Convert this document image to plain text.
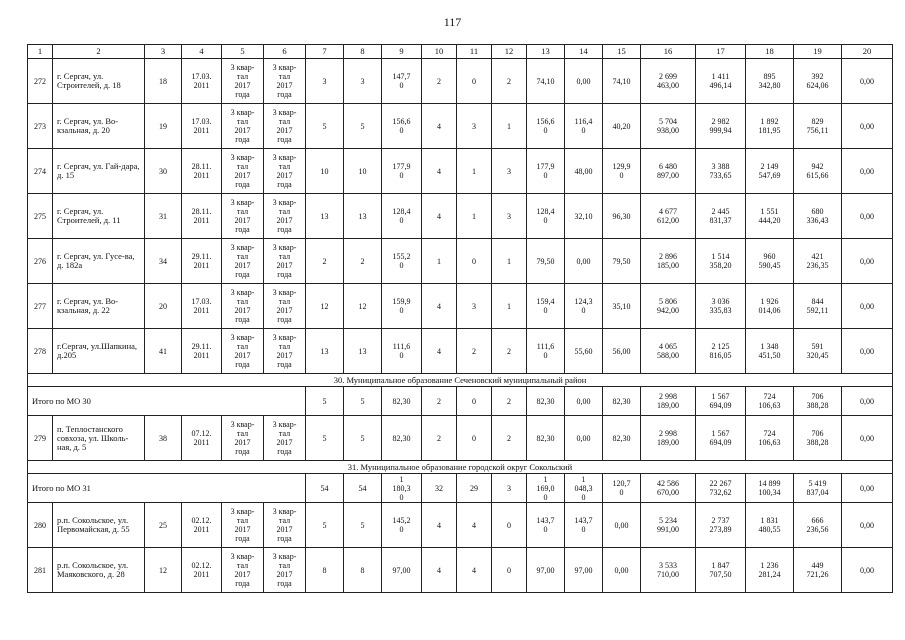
117
1	2	3	4	5	6	7	8	9	10	11	12	13	14	15	16	17	18	19	20
272	г. Сергач, ул. Строителей, д. 18	18	17.03.
2011	3 квар-
тал
2017
года	3 квар-
тал
2017
года	3	3	147,7
0	2	0	2	74,10	0,00	74,10	2 699
463,00	1 411
496,14	895
342,80	392
624,06	0,00
273	г. Сергач, ул. Во-кзальная, д. 20	19	17.03.
2011	3 квар-
тал
2017
года	3 квар-
тал
2017
года	5	5	156,6
0	4	3	1	156,6
0	116,4
0	40,20	5 704
938,00	2 982
999,94	1 892
181,95	829
756,11	0,00
274	г. Сергач, ул. Гай-дара, д. 15	30	28.11.
2011	3 квар-
тал
2017
года	3 квар-
тал
2017
года	10	10	177,9
0	4	1	3	177,9
0	48,00	129,9
0	6 480
897,00	3 388
733,65	2 149
547,69	942
615,66	0,00
275	г. Сергач, ул. Строителей, д. 11	31	28.11.
2011	3 квар-
тал
2017
года	3 квар-
тал
2017
года	13	13	128,4
0	4	1	3	128,4
0	32,10	96,30	4 677
612,00	2 445
831,37	1 551
444,20	680
336,43	0,00
276	г. Сергач, ул. Гусе-ва, д. 182а	34	29.11.
2011	3 квар-
тал
2017
года	3 квар-
тал
2017
года	2	2	155,2
0	1	0	1	79,50	0,00	79,50	2 896
185,00	1 514
358,20	960
590,45	421
236,35	0,00
277	г. Сергач, ул. Во-кзальная, д. 22	20	17.03.
2011	3 квар-
тал
2017
года	3 квар-
тал
2017
года	12	12	159,9
0	4	3	1	159,4
0	124,3
0	35,10	5 806
942,00	3 036
335,83	1 926
014,06	844
592,11	0,00
278	г.Сергач, ул.Шапкина, д.205	41	29.11.
2011	3 квар-
тал
2017
года	3 квар-
тал
2017
года	13	13	111,6
0	4	2	2	111,6
0	55,60	56,00	4 065
588,00	2 125
816,05	1 348
451,50	591
320,45	0,00
30. Муниципальное образование Сеченовский муниципальный район																			
Итого по МО 30						5	5	82,30	2	0	2	82,30	0,00	82,30	2 998
189,00	1 567
694,09	724
106,63	706
388,28	0,00
279	п. Теплостанского совхоза, ул. Школь-ная, д. 5	38	07.12.
2011	3 квар-
тал
2017
года	3 квар-
тал
2017
года	5	5	82,30	2	0	2	82,30	0,00	82,30	2 998
189,00	1 567
694,09	724
106,63	706
388,28	0,00
31. Муниципальное образование городской округ Сокольский																			
Итого по МО 31						54	54	1
180,3
0	32	29	3	1
169,0
0	1
048,3
0	120,7
0	42 586
670,00	22 267
732,62	14 899
100,34	5 419
837,04	0,00
280	р.п. Сокольское, ул. Первомайская, д. 55	25	02.12.
2011	3 квар-
тал
2017
года	3 квар-
тал
2017
года	5	5	145,2
0	4	4	0	143,7
0	143,7
0	0,00	5 234
991,00	2 737
273,89	1 831
480,55	666
236,56	0,00
281	р.п. Сокольское, ул. Маяковского, д. 28	12	02.12.
2011	3 квар-
тал
2017
года	3 квар-
тал
2017
года	8	8	97,00	4	4	0	97,00	97,00	0,00	3 533
710,00	1 847
707,50	1 236
281,24	449
721,26	0,00
